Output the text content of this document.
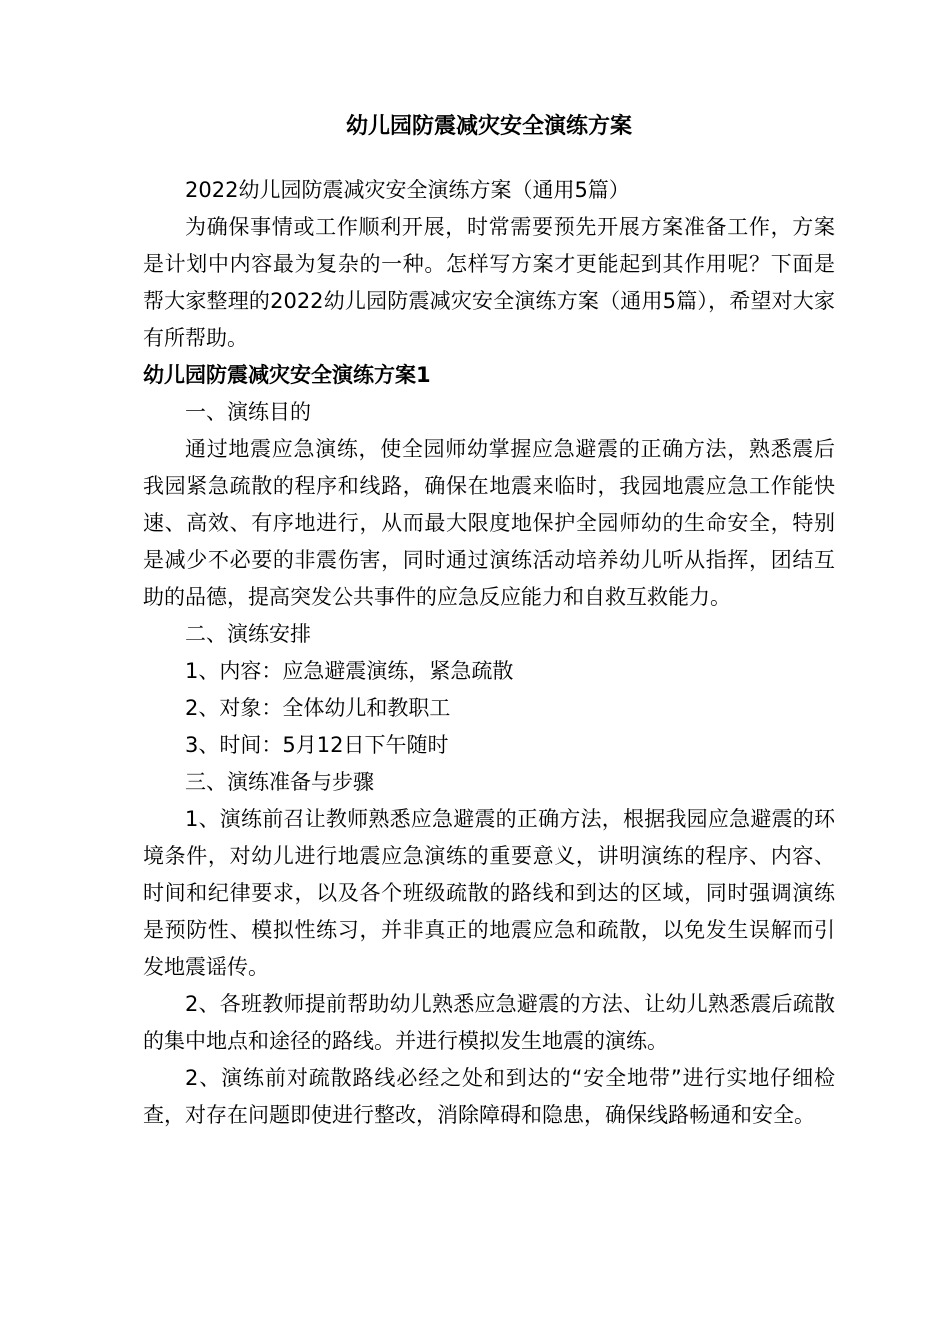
幼儿园防震减灾安全演练方案

2022幼儿园防震减灾安全演练方案（通用5篇）

为确保事情或工作顺利开展，时常需要预先开展方案准备工作，方案是计划中内容最为复杂的一种。怎样写方案才更能起到其作用呢？下面是帮大家整理的2022幼儿园防震减灾安全演练方案（通用5篇），希望对大家有所帮助。

幼儿园防震减灾安全演练方案1

一、演练目的

通过地震应急演练，使全园师幼掌握应急避震的正确方法，熟悉震后我园紧急疏散的程序和线路，确保在地震来临时，我园地震应急工作能快速、高效、有序地进行，从而最大限度地保护全园师幼的生命安全，特别是减少不必要的非震伤害，同时通过演练活动培养幼儿听从指挥，团结互助的品德，提高突发公共事件的应急反应能力和自救互救能力。

二、演练安排

1、内容：应急避震演练，紧急疏散

2、对象：全体幼儿和教职工

3、时间：5月12日下午随时

三、演练准备与步骤

1、演练前召让教师熟悉应急避震的正确方法，根据我园应急避震的环境条件，对幼儿进行地震应急演练的重要意义，讲明演练的程序、内容、时间和纪律要求，以及各个班级疏散的路线和到达的区域，同时强调演练是预防性、模拟性练习，并非真正的地震应急和疏散，以免发生误解而引发地震谣传。

2、各班教师提前帮助幼儿熟悉应急避震的方法、让幼儿熟悉震后疏散的集中地点和途径的路线。并进行模拟发生地震的演练。

2、演练前对疏散路线必经之处和到达的“安全地带”进行实地仔细检查，对存在问题即使进行整改，消除障碍和隐患，确保线路畅通和安全。
